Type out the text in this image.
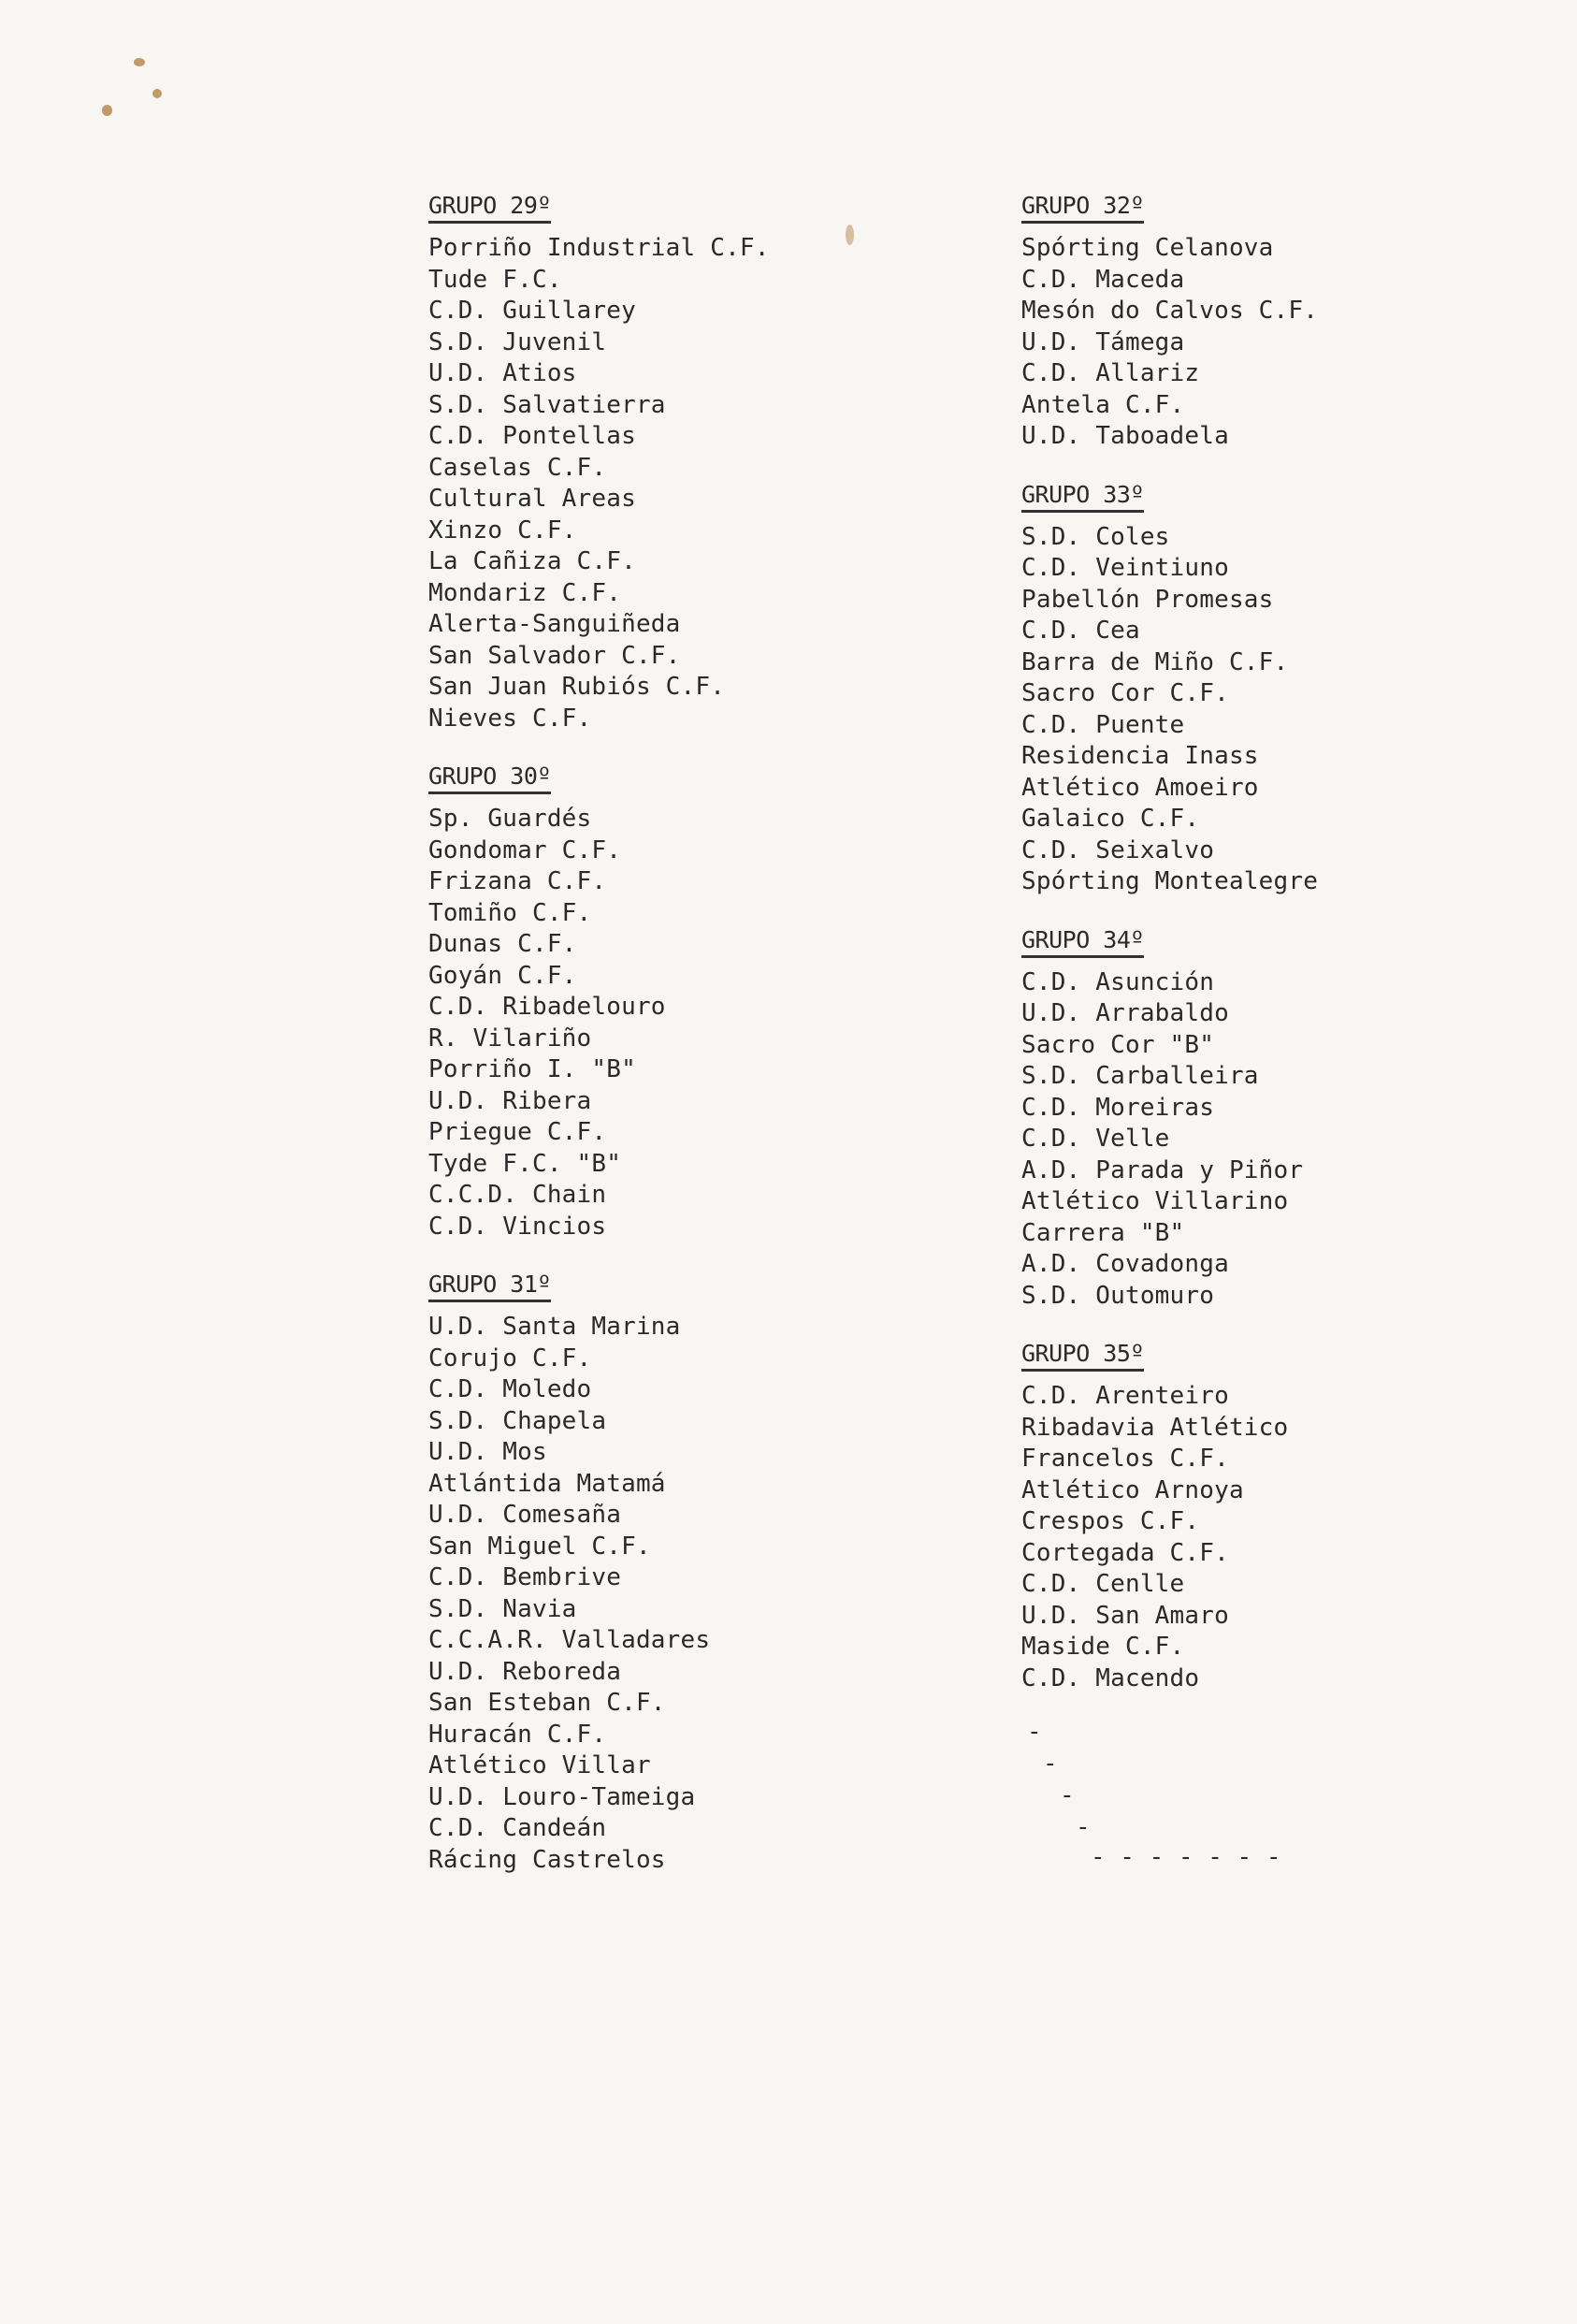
GRUPO 29º
Porriño Industrial C.F.
Tude F.C.
C.D. Guillarey
S.D. Juvenil
U.D. Atios
S.D. Salvatierra
C.D. Pontellas
Caselas C.F.
Cultural Areas
Xinzo C.F.
La Cañiza C.F.
Mondariz C.F.
Alerta-Sanguiñeda
San Salvador C.F.
San Juan Rubiós C.F.
Nieves C.F.
GRUPO 30º
Sp. Guardés
Gondomar C.F.
Frizana C.F.
Tomiño C.F.
Dunas C.F.
Goyán C.F.
C.D. Ribadelouro
R. Vilariño
Porriño I. "B"
U.D. Ribera
Priegue C.F.
Tyde F.C. "B"
C.C.D. Chain
C.D. Vincios
GRUPO 31º
U.D. Santa Marina
Corujo C.F.
C.D. Moledo
S.D. Chapela
U.D. Mos
Atlántida Matamá
U.D. Comesaña
San Miguel C.F.
C.D. Bembrive
S.D. Navia
C.C.A.R. Valladares
U.D. Reboreda
San Esteban C.F.
Huracán C.F.
Atlético Villar
U.D. Louro-Tameiga
C.D. Candeán
Rácing Castrelos
GRUPO 32º
Spórting Celanova
C.D. Maceda
Mesón do Calvos C.F.
U.D. Támega
C.D. Allariz
Antela C.F.
U.D. Taboadela
GRUPO 33º
S.D. Coles
C.D. Veintiuno
Pabellón Promesas
C.D. Cea
Barra de Miño C.F.
Sacro Cor C.F.
C.D. Puente
Residencia Inass
Atlético Amoeiro
Galaico C.F.
C.D. Seixalvo
Spórting Montealegre
GRUPO 34º
C.D. Asunción
U.D. Arrabaldo
Sacro Cor "B"
S.D. Carballeira
C.D. Moreiras
C.D. Velle
A.D. Parada y Piñor
Atlético Villarino
Carrera "B"
A.D. Covadonga
S.D. Outomuro
GRUPO 35º
C.D. Arenteiro
Ribadavia Atlético
Francelos C.F.
Atlético Arnoya
Crespos C.F.
Cortegada C.F.
C.D. Cenlle
U.D. San Amaro
Maside C.F.
C.D. Macendo
-
-
-
-
- - - - - - -
